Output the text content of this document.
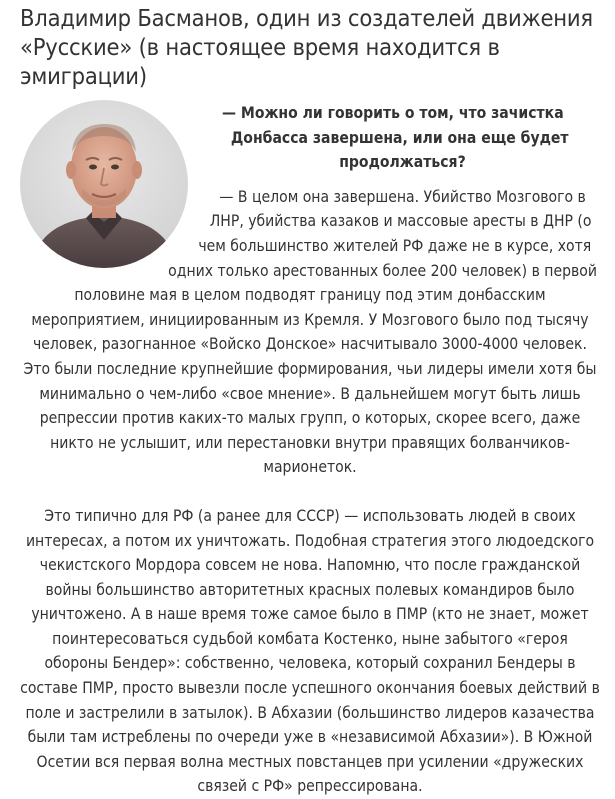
Владимир Басманов, один из создателей движения «Русские» (в настоящее время находится в эмиграции)

— Можно ли говорить о том, что зачистка Донбасса завершена, или она еще будет продолжаться?

— В целом она завершена. Убийство Мозгового в ЛНР, убийства казаков и массовые аресты в ДНР (о чем большинство жителей РФ даже не в курсе, хотя одних только арестованных более 200 человек) в первой половине мая в целом подводят границу под этим донбасским мероприятием, инициированным из Кремля. У Мозгового было под тысячу человек, разогнанное «Войско Донское» насчитывало 3000-4000 человек. Это были последние крупнейшие формирования, чьи лидеры имели хотя бы минимально о чем-либо «свое мнение». В дальнейшем могут быть лишь репрессии против каких-то малых групп, о которых, скорее всего, даже никто не услышит, или перестановки внутри правящих болванчиков-марионеток.

Это типично для РФ (а ранее для СССР) — использовать людей в своих интересах, а потом их уничтожать. Подобная стратегия этого людоедского чекистского Мордора совсем не нова. Напомню, что после гражданской войны большинство авторитетных красных полевых командиров было уничтожено. А в наше время тоже самое было в ПМР (кто не знает, может поинтересоваться судьбой комбата Костенко, ныне забытого «героя обороны Бендер»: собственно, человека, который сохранил Бендеры в составе ПМР, просто вывезли после успешного окончания боевых действий в поле и застрелили в затылок). В Абхазии (большинство лидеров казачества были там истреблены по очереди уже в «независимой Абхазии»). В Южной Осетии вся первая волна местных повстанцев при усилении «дружеских связей с РФ» репрессирована.
